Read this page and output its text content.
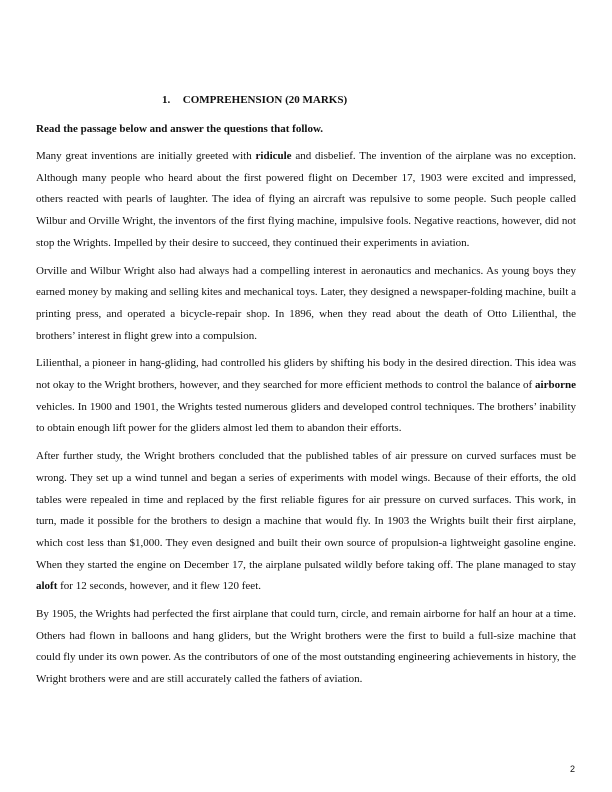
1. COMPREHENSION (20 MARKS)
Read the passage below and answer the questions that follow.

Many great inventions are initially greeted with ridicule and disbelief. The invention of the airplane was no exception. Although many people who heard about the first powered flight on December 17, 1903 were excited and impressed, others reacted with pearls of laughter. The idea of flying an aircraft was repulsive to some people. Such people called Wilbur and Orville Wright, the inventors of the first flying machine, impulsive fools. Negative reactions, however, did not stop the Wrights. Impelled by their desire to succeed, they continued their experiments in aviation.

Orville and Wilbur Wright also had always had a compelling interest in aeronautics and mechanics. As young boys they earned money by making and selling kites and mechanical toys. Later, they designed a newspaper-folding machine, built a printing press, and operated a bicycle-repair shop. In 1896, when they read about the death of Otto Lilienthal, the brothers’ interest in flight grew into a compulsion.

Lilienthal, a pioneer in hang-gliding, had controlled his gliders by shifting his body in the desired direction. This idea was not okay to the Wright brothers, however, and they searched for more efficient methods to control the balance of airborne vehicles. In 1900 and 1901, the Wrights tested numerous gliders and developed control techniques. The brothers’ inability to obtain enough lift power for the gliders almost led them to abandon their efforts.

After further study, the Wright brothers concluded that the published tables of air pressure on curved surfaces must be wrong. They set up a wind tunnel and began a series of experiments with model wings. Because of their efforts, the old tables were repealed in time and replaced by the first reliable figures for air pressure on curved surfaces. This work, in turn, made it possible for the brothers to design a machine that would fly. In 1903 the Wrights built their first airplane, which cost less than $1,000. They even designed and built their own source of propulsion-a lightweight gasoline engine. When they started the engine on December 17, the airplane pulsated wildly before taking off. The plane managed to stay aloft for 12 seconds, however, and it flew 120 feet.

By 1905, the Wrights had perfected the first airplane that could turn, circle, and remain airborne for half an hour at a time. Others had flown in balloons and hang gliders, but the Wright brothers were the first to build a full-size machine that could fly under its own power. As the contributors of one of the most outstanding engineering achievements in history, the Wright brothers were and are still accurately called the fathers of aviation.

2
